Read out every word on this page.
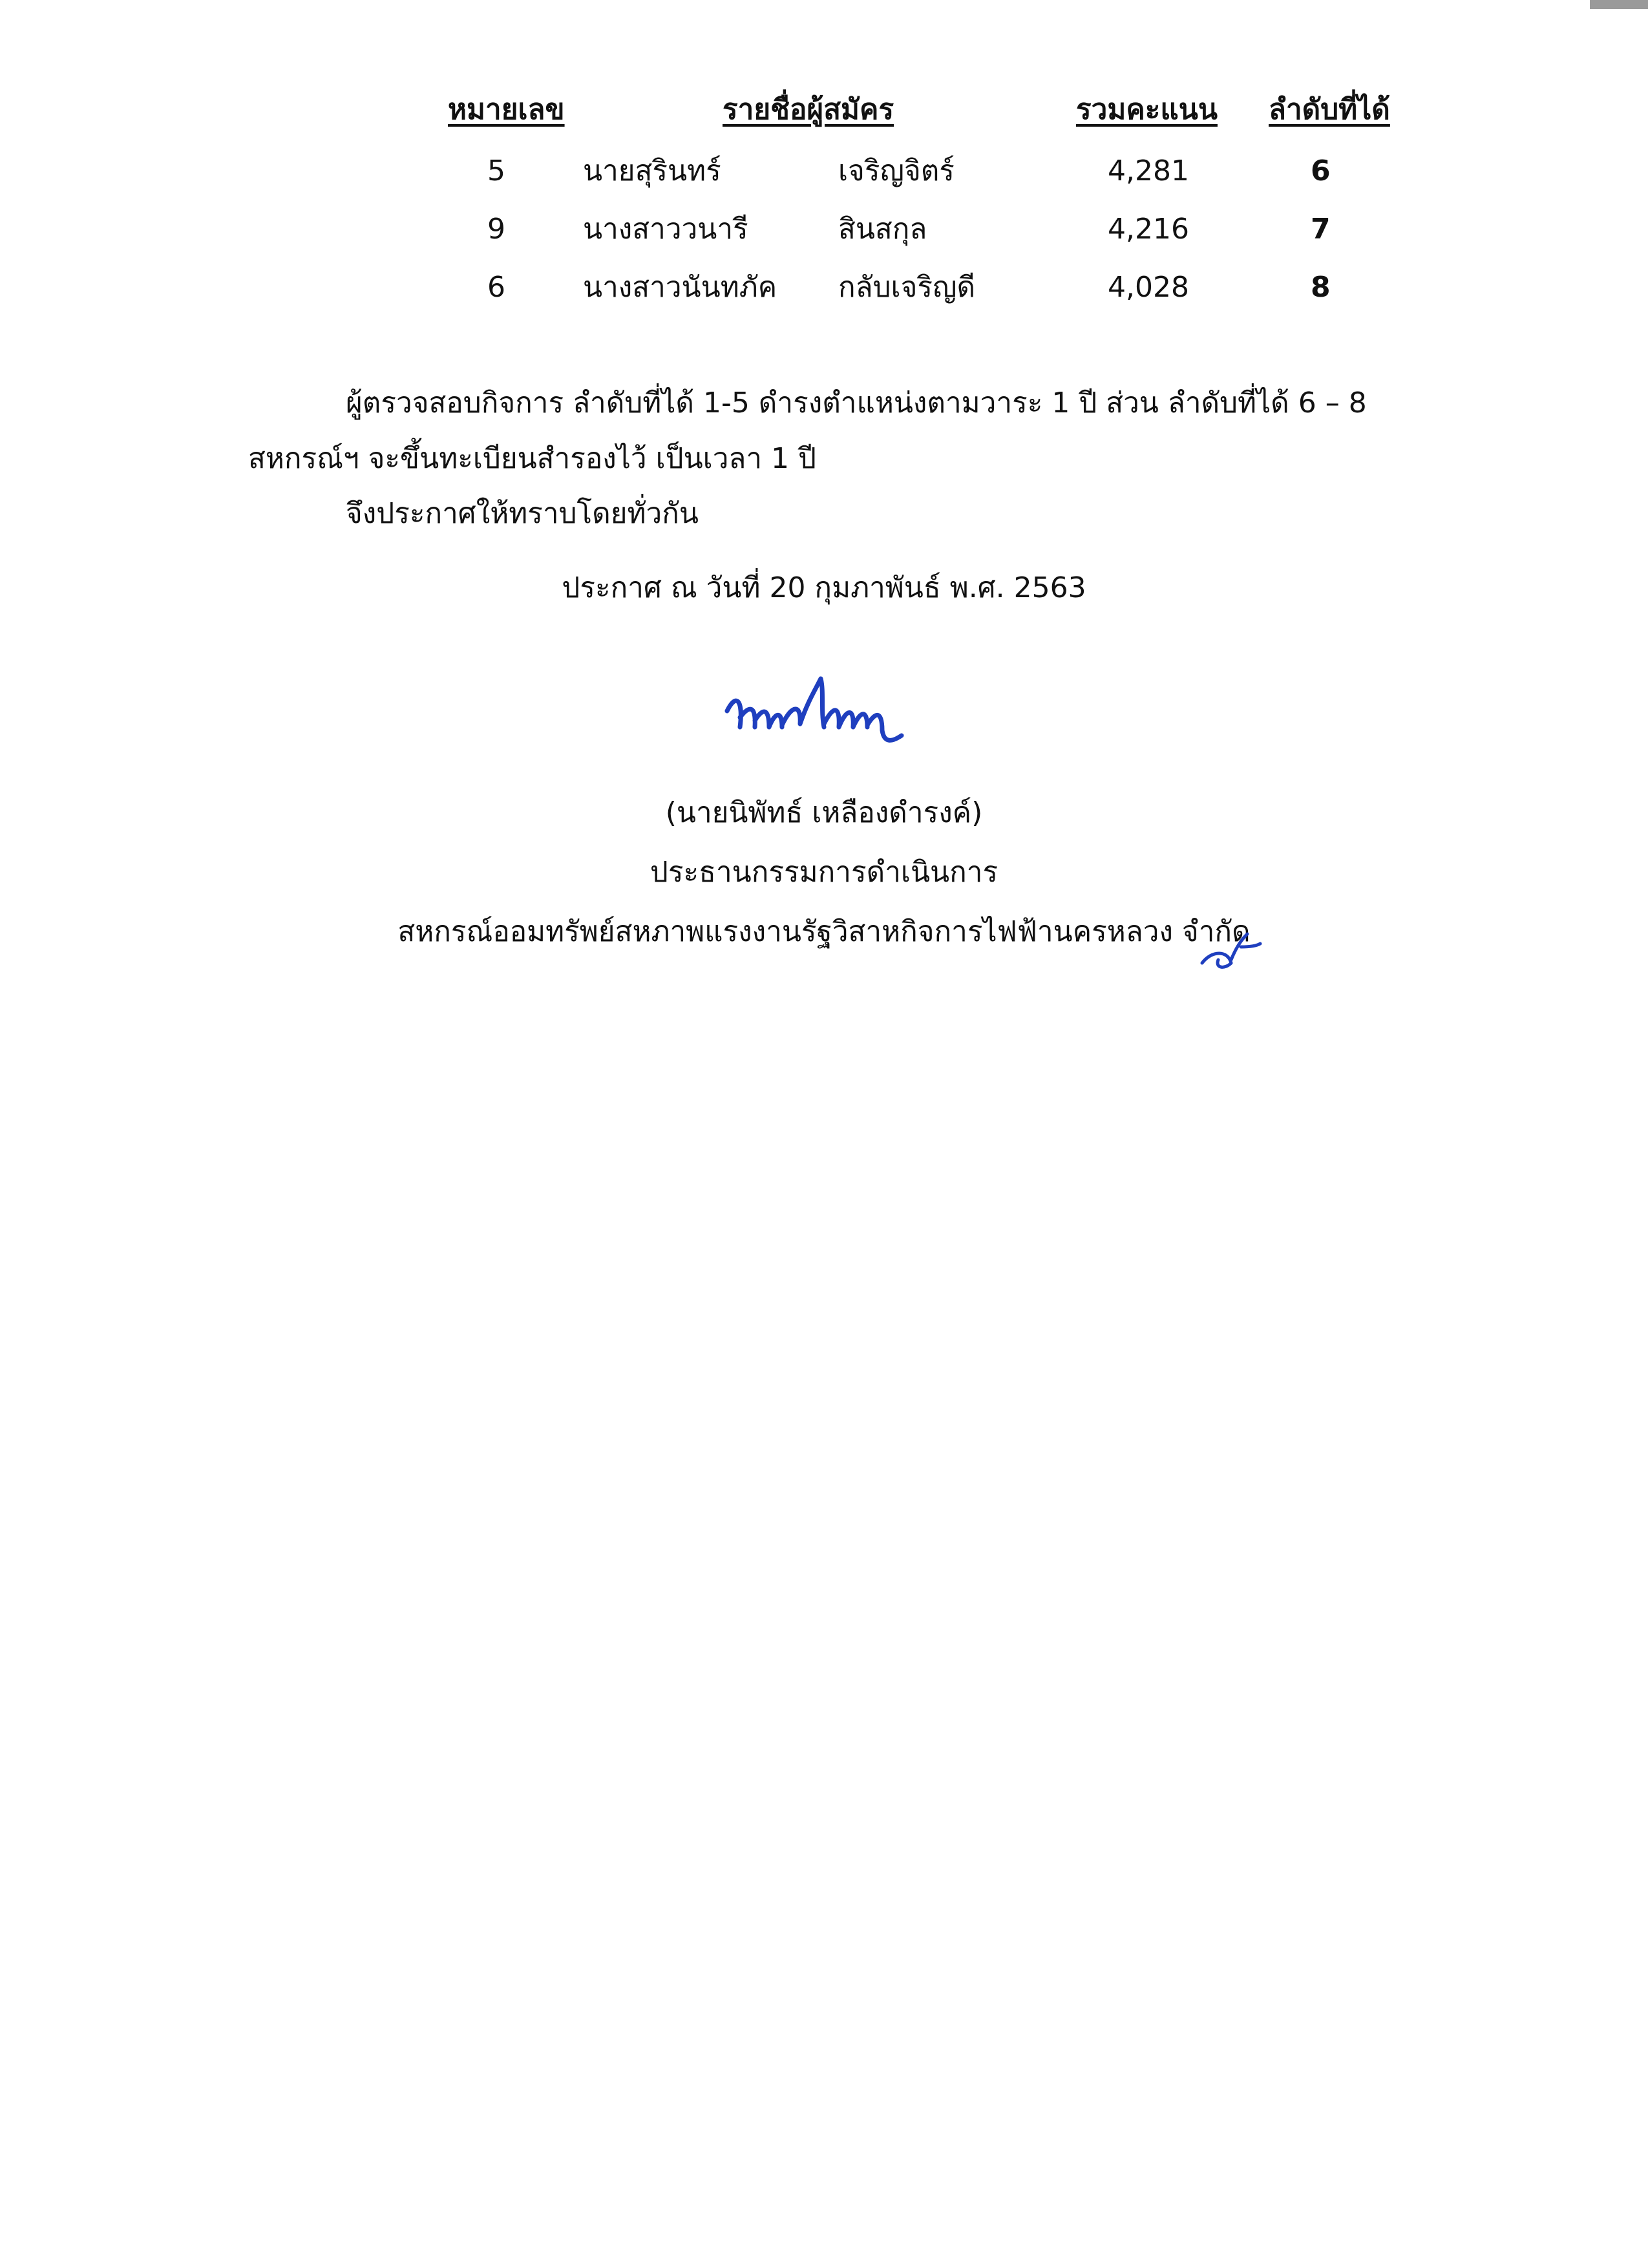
หมายเลข	รายชื่อผู้สมัคร	รวมคะแนน ลำดับที่ได้
5	นายสุรินทร์	เจริญจิตร์	4,281	6
9	นางสาววนารี	สินสกุล	4,216	7
6	นางสาวนันทภัค กลับเจริญดี	4,028	8
ผู้ตรวจสอบกิจการ ลำดับที่ได้ 1-5 ดำรงตำแหน่งตามวาระ 1 ปี ส่วน ลำดับที่ได้ 6 – 8
สหกรณ์ฯ จะขึ้นทะเบียนสำรองไว้ เป็นเวลา 1 ปี
จึงประกาศให้ทราบโดยทั่วกัน
ประกาศ ณ วันที่ 20 กุมภาพันธ์ พ.ศ. 2563
(นายนิพัทธ์ เหลืองดำรงค์)
ประธานกรรมการดำเนินการ
สหกรณ์ออมทรัพย์สหภาพแรงงานรัฐวิสาหกิจการไฟฟ้านครหลวง จำกัด
